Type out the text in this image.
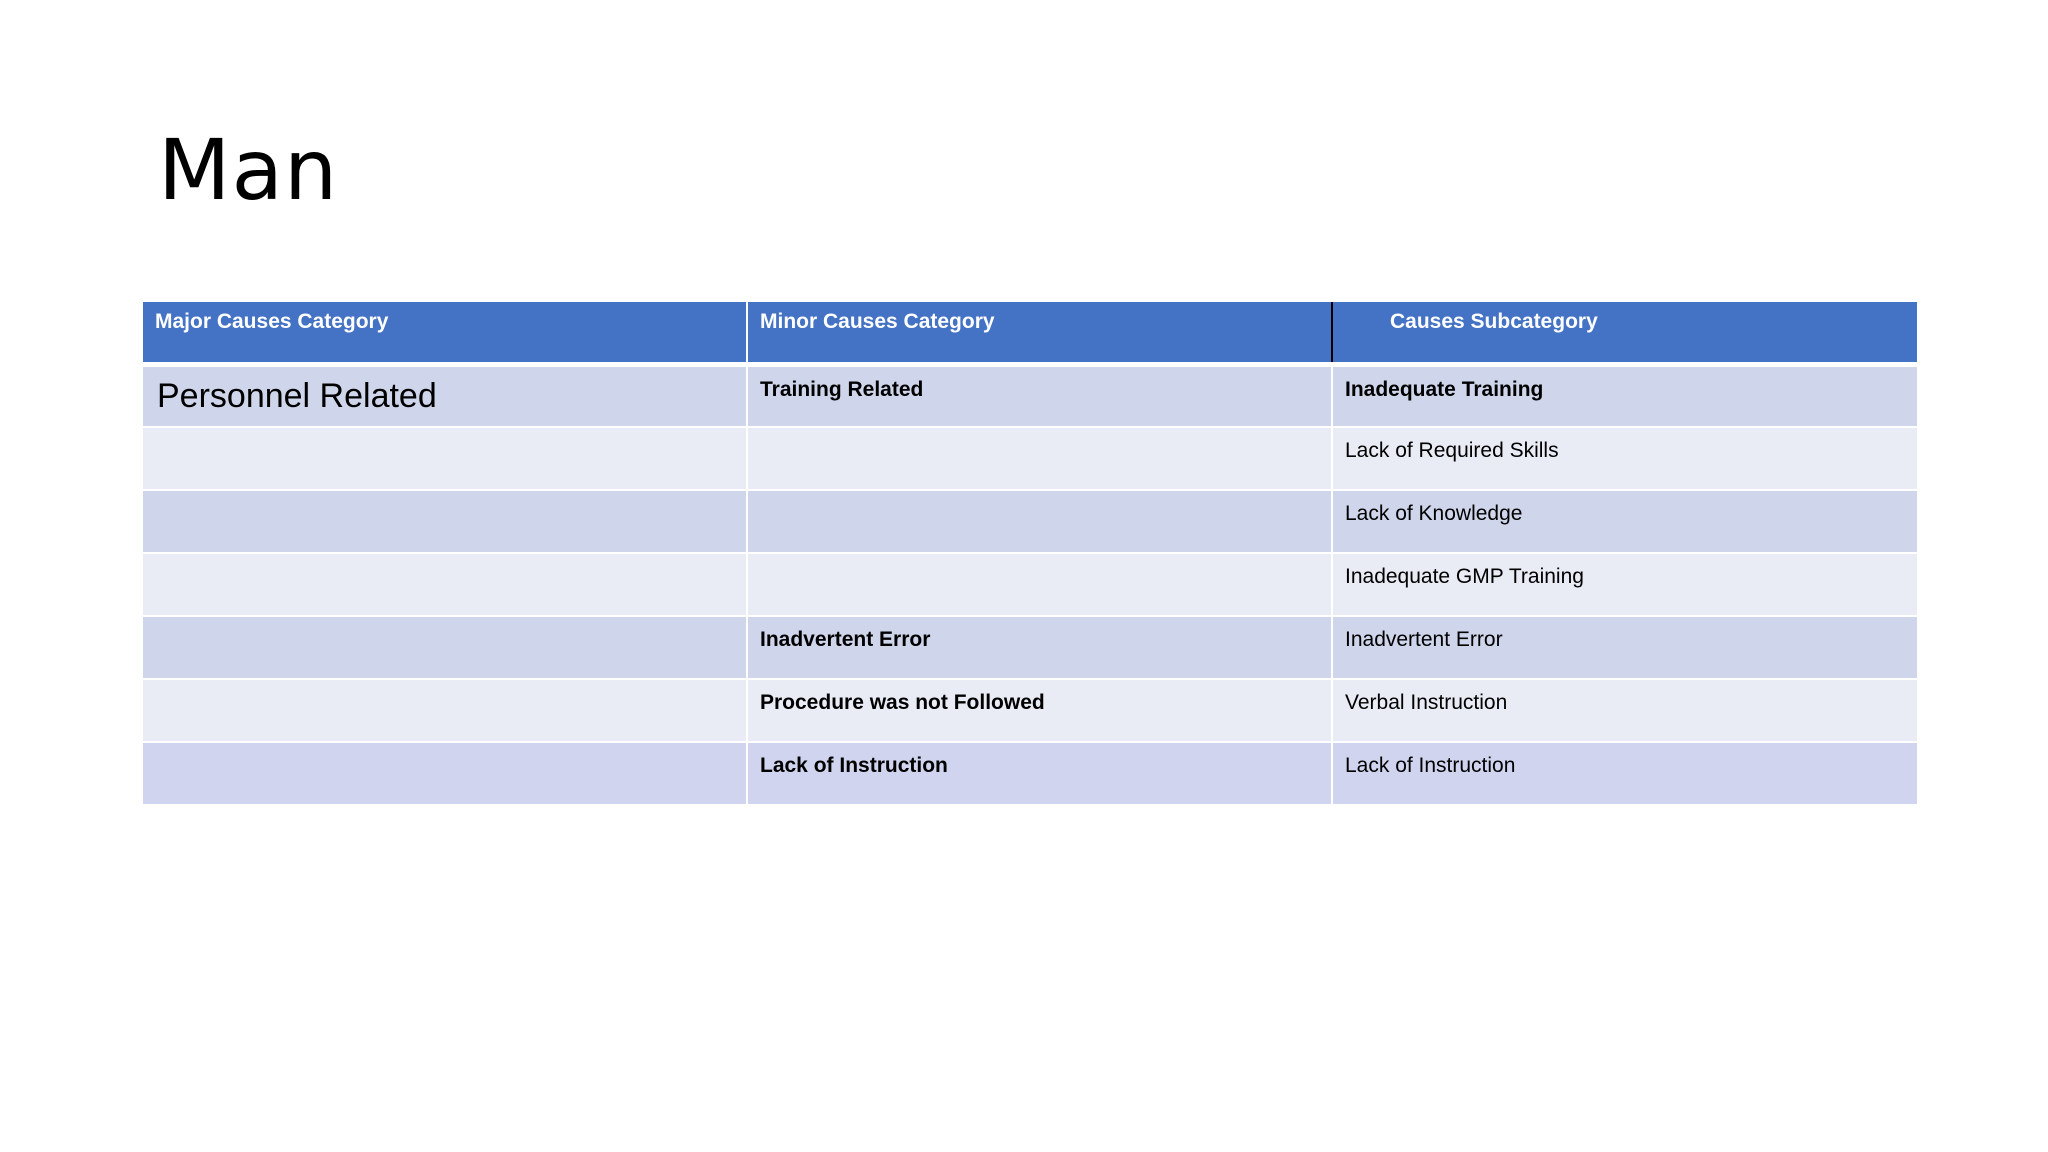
Man
Major Causes Category	Minor Causes Category	Causes Subcategory
Personnel Related	Training Related	Inadequate Training
		Lack of Required Skills
		Lack of Knowledge
		Inadequate GMP Training
	Inadvertent Error	Inadvertent Error
	Procedure was not Followed	Verbal Instruction
	Lack of Instruction	Lack of Instruction
